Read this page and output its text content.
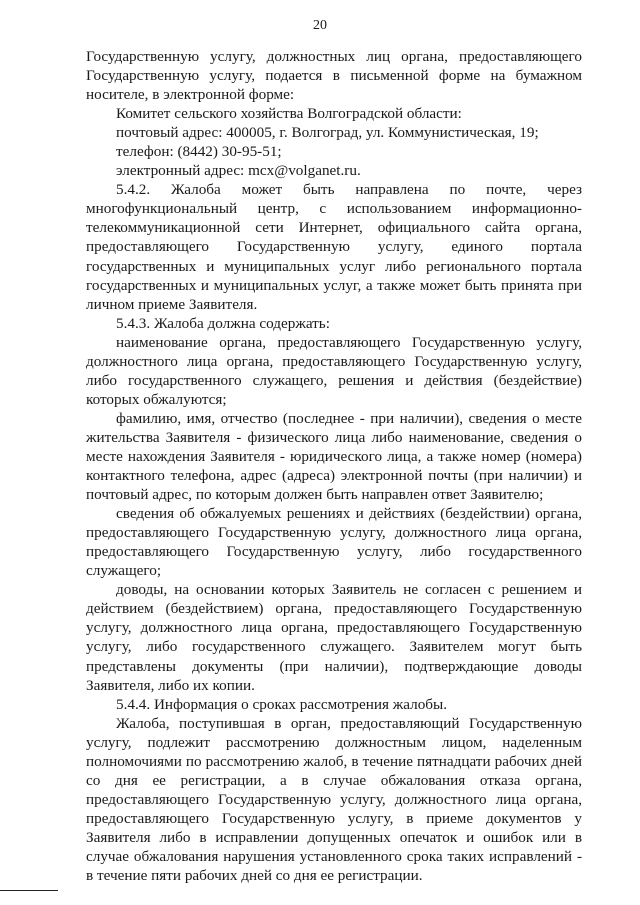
20

Государственную услугу, должностных лиц органа, предоставляющего Государственную услугу, подается в письменной форме на бумажном носителе, в электронной форме:

Комитет сельского хозяйства Волгоградской области:

почтовый адрес: 400005, г. Волгоград, ул. Коммунистическая, 19;

телефон: (8442) 30-95-51;

электронный адрес: mcx@volganet.ru.

5.4.2. Жалоба может быть направлена по почте, через многофункциональный центр, с использованием информационно-телекоммуникационной сети Интернет, официального сайта органа, предоставляющего Государственную услугу, единого портала государственных и муниципальных услуг либо регионального портала государственных и муниципальных услуг, а также может быть принята при личном приеме Заявителя.

5.4.3. Жалоба должна содержать:

наименование органа, предоставляющего Государственную услугу, должностного лица органа, предоставляющего Государственную услугу, либо государственного служащего, решения и действия (бездействие) которых обжалуются;

фамилию, имя, отчество (последнее - при наличии), сведения о месте жительства Заявителя - физического лица либо наименование, сведения о месте нахождения Заявителя - юридического лица, а также номер (номера) контактного телефона, адрес (адреса) электронной почты (при наличии) и почтовый адрес, по которым должен быть направлен ответ Заявителю;

сведения об обжалуемых решениях и действиях (бездействии) органа, предоставляющего Государственную услугу, должностного лица органа, предоставляющего Государственную услугу, либо государственного служащего;

доводы, на основании которых Заявитель не согласен с решением и действием (бездействием) органа, предоставляющего Государственную услугу, должностного лица органа, предоставляющего Государственную услугу, либо государственного служащего. Заявителем могут быть представлены документы (при наличии), подтверждающие доводы Заявителя, либо их копии.

5.4.4. Информация о сроках рассмотрения жалобы.

Жалоба, поступившая в орган, предоставляющий Государственную услугу, подлежит рассмотрению должностным лицом, наделенным полномочиями по рассмотрению жалоб, в течение пятнадцати рабочих дней со дня ее регистрации, а в случае обжалования отказа органа, предоставляющего Государственную услугу, должностного лица органа, предоставляющего Государственную услугу, в приеме документов у Заявителя либо в исправлении допущенных опечаток и ошибок или в случае обжалования нарушения установленного срока таких исправлений - в течение пяти рабочих дней со дня ее регистрации.
